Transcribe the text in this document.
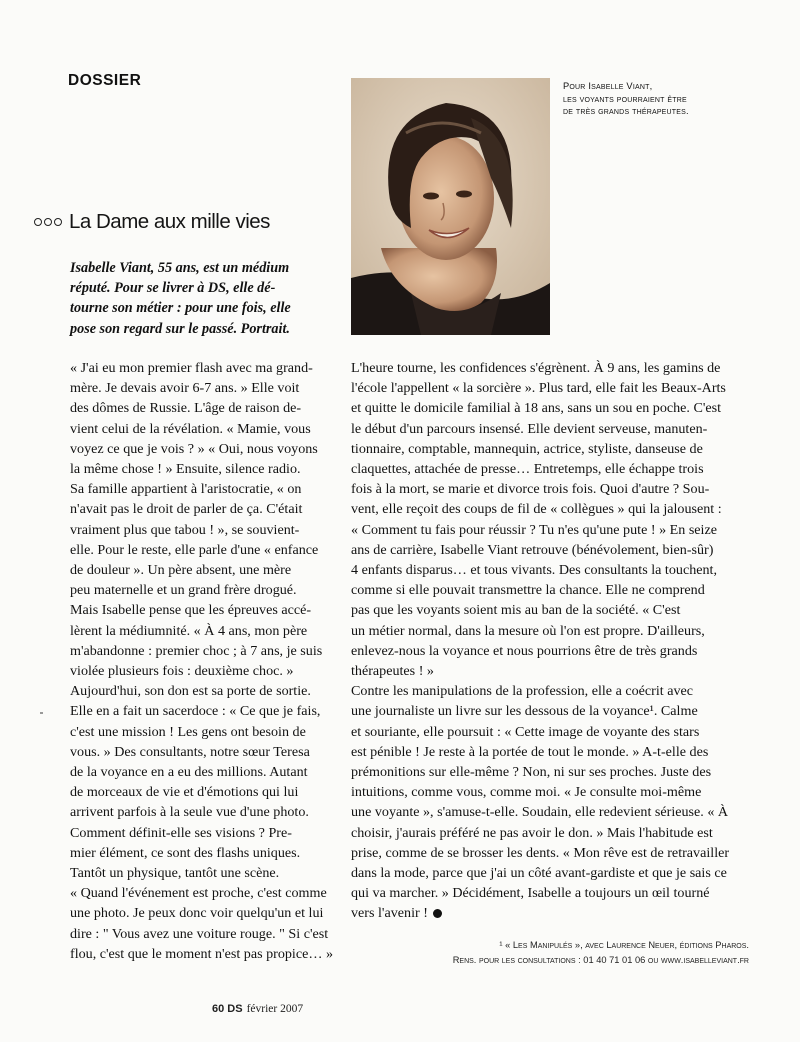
DOSSIER	Pour Isabelle Viant,
les voyants pourraient être
de très grands thérapeutes.
La Dame aux mille vies
Isabelle Viant, 55 ans, est un médium
réputé. Pour se livrer à DS, elle dé-
tourne son métier : pour une fois, elle
pose son regard sur le passé. Portrait.
« J'ai eu mon premier flash avec ma grand-
mère. Je devais avoir 6-7 ans. » Elle voit
des dômes de Russie. L'âge de raison de-
vient celui de la révélation. « Mamie, vous
voyez ce que je vois ? » « Oui, nous voyons
la même chose ! » Ensuite, silence radio.
Sa famille appartient à l'aristocratie, « on
n'avait pas le droit de parler de ça. C'était
vraiment plus que tabou ! », se souvient-
elle. Pour le reste, elle parle d'une « enfance
de douleur ». Un père absent, une mère
peu maternelle et un grand frère drogué.
Mais Isabelle pense que les épreuves accé-
lèrent la médiumnité. « À 4 ans, mon père
m'abandonne : premier choc ; à 7 ans, je suis
violée plusieurs fois : deuxième choc. »
Aujourd'hui, son don est sa porte de sortie.
Elle en a fait un sacerdoce : « Ce que je fais,
c'est une mission ! Les gens ont besoin de
vous. » Des consultants, notre sœur Teresa
de la voyance en a eu des millions. Autant
de morceaux de vie et d'émotions qui lui
arrivent parfois à la seule vue d'une photo.
Comment définit-elle ses visions ? Pre-
mier élément, ce sont des flashs uniques.
Tantôt un physique, tantôt une scène.
« Quand l'événement est proche, c'est comme
une photo. Je peux donc voir quelqu'un et lui
dire : " Vous avez une voiture rouge. " Si c'est
flou, c'est que le moment n'est pas propice… »
L'heure tourne, les confidences s'égrènent. À 9 ans, les gamins de
l'école l'appellent « la sorcière ». Plus tard, elle fait les Beaux-Arts
et quitte le domicile familial à 18 ans, sans un sou en poche. C'est
le début d'un parcours insensé. Elle devient serveuse, manuten-
tionnaire, comptable, mannequin, actrice, styliste, danseuse de
claquettes, attachée de presse… Entretemps, elle échappe trois
fois à la mort, se marie et divorce trois fois. Quoi d'autre ? Sou-
vent, elle reçoit des coups de fil de « collègues » qui la jalousent :
« Comment tu fais pour réussir ? Tu n'es qu'une pute ! » En seize
ans de carrière, Isabelle Viant retrouve (bénévolement, bien-sûr)
4 enfants disparus… et tous vivants. Des consultants la touchent,
comme si elle pouvait transmettre la chance. Elle ne comprend
pas que les voyants soient mis au ban de la société. « C'est
un métier normal, dans la mesure où l'on est propre. D'ailleurs,
enlevez-nous la voyance et nous pourrions être de très grands
thérapeutes ! »
Contre les manipulations de la profession, elle a coécrit avec
une journaliste un livre sur les dessous de la voyance¹. Calme
et souriante, elle poursuit : « Cette image de voyante des stars
est pénible ! Je reste à la portée de tout le monde. » A-t-elle des
prémonitions sur elle-même ? Non, ni sur ses proches. Juste des
intuitions, comme vous, comme moi. « Je consulte moi-même
une voyante », s'amuse-t-elle. Soudain, elle redevient sérieuse. « À
choisir, j'aurais préféré ne pas avoir le don. » Mais l'habitude est
prise, comme de se brosser les dents. « Mon rêve est de retravailler
dans la mode, parce que j'ai un côté avant-gardiste et que je sais ce
qui va marcher. » Décidément, Isabelle a toujours un œil tourné
vers l'avenir !
¹ « Les Manipulés », avec Laurence Neuer, éditions Pharos.
Rens. pour les consultations : 01 40 71 01 06 ou www.isabelleviant.fr
60 DS février 2007
